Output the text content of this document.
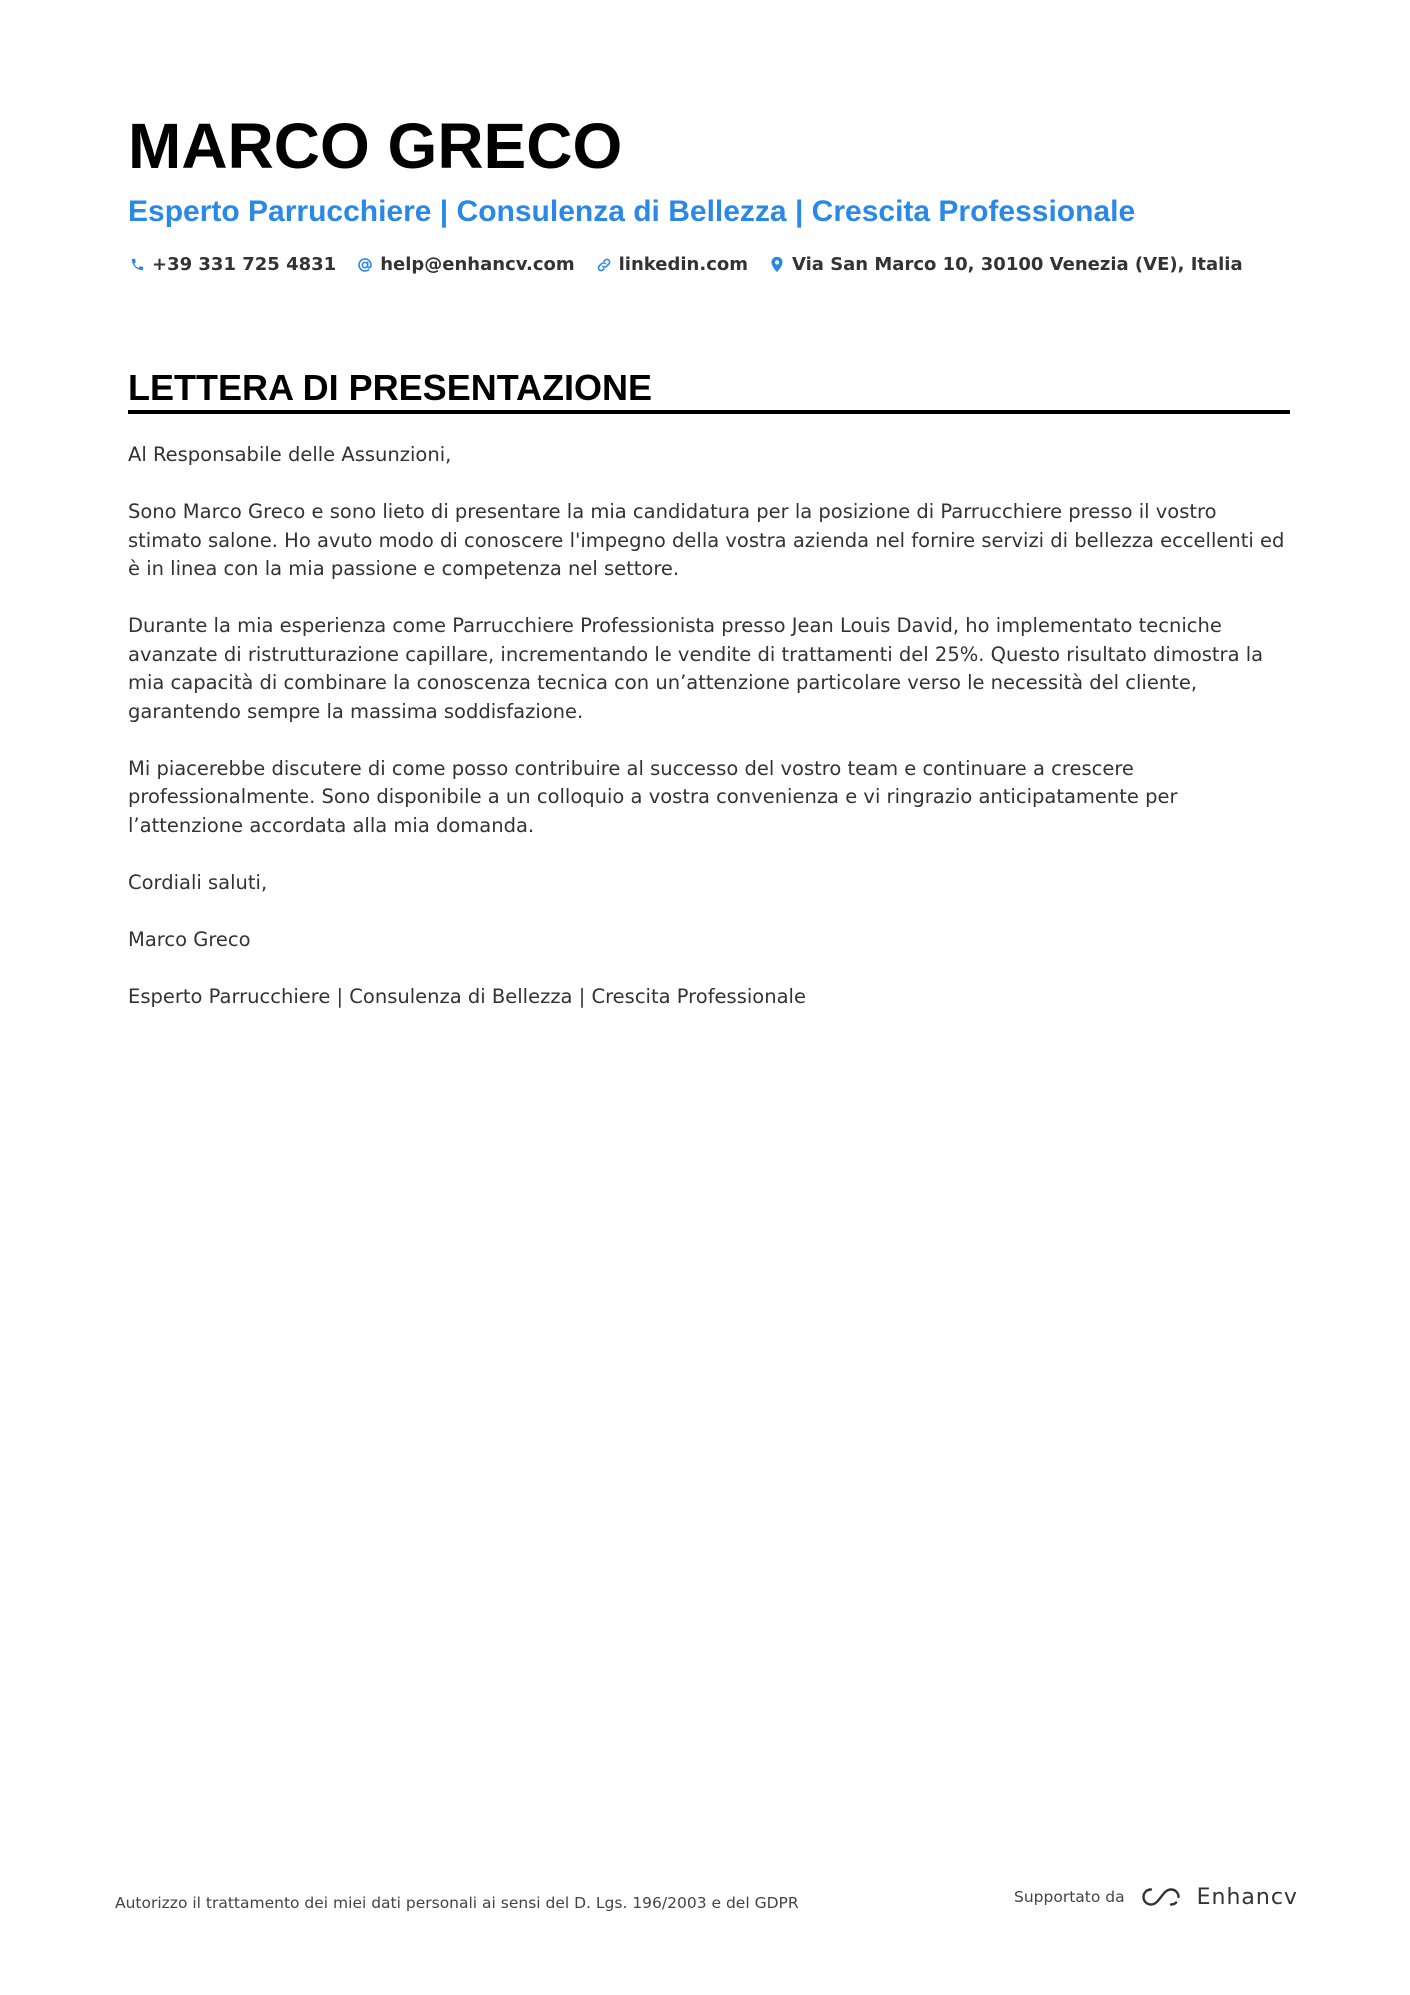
MARCO GRECO
Esperto Parrucchiere | Consulenza di Bellezza | Crescita Professionale
+39 331 725 4831 help@enhancv.com linkedin.com Via San Marco 10, 30100 Venezia (VE), Italia
LETTERA DI PRESENTAZIONE

Al Responsabile delle Assunzioni,

Sono Marco Greco e sono lieto di presentare la mia candidatura per la posizione di Parrucchiere presso il vostro stimato salone. Ho avuto modo di conoscere l'impegno della vostra azienda nel fornire servizi di bellezza eccellenti ed è in linea con la mia passione e competenza nel settore.

Durante la mia esperienza come Parrucchiere Professionista presso Jean Louis David, ho implementato tecniche avanzate di ristrutturazione capillare, incrementando le vendite di trattamenti del 25%. Questo risultato dimostra la mia capacità di combinare la conoscenza tecnica con un’attenzione particolare verso le necessità del cliente, garantendo sempre la massima soddisfazione.

Mi piacerebbe discutere di come posso contribuire al successo del vostro team e continuare a crescere professionalmente. Sono disponibile a un colloquio a vostra convenienza e vi ringrazio anticipatamente per l’attenzione accordata alla mia domanda.

Cordiali saluti,

Marco Greco

Esperto Parrucchiere | Consulenza di Bellezza | Crescita Professionale

Autorizzo il trattamento dei miei dati personali ai sensi del D. Lgs. 196/2003 e del GDPR	Supportato da	Enhancv
